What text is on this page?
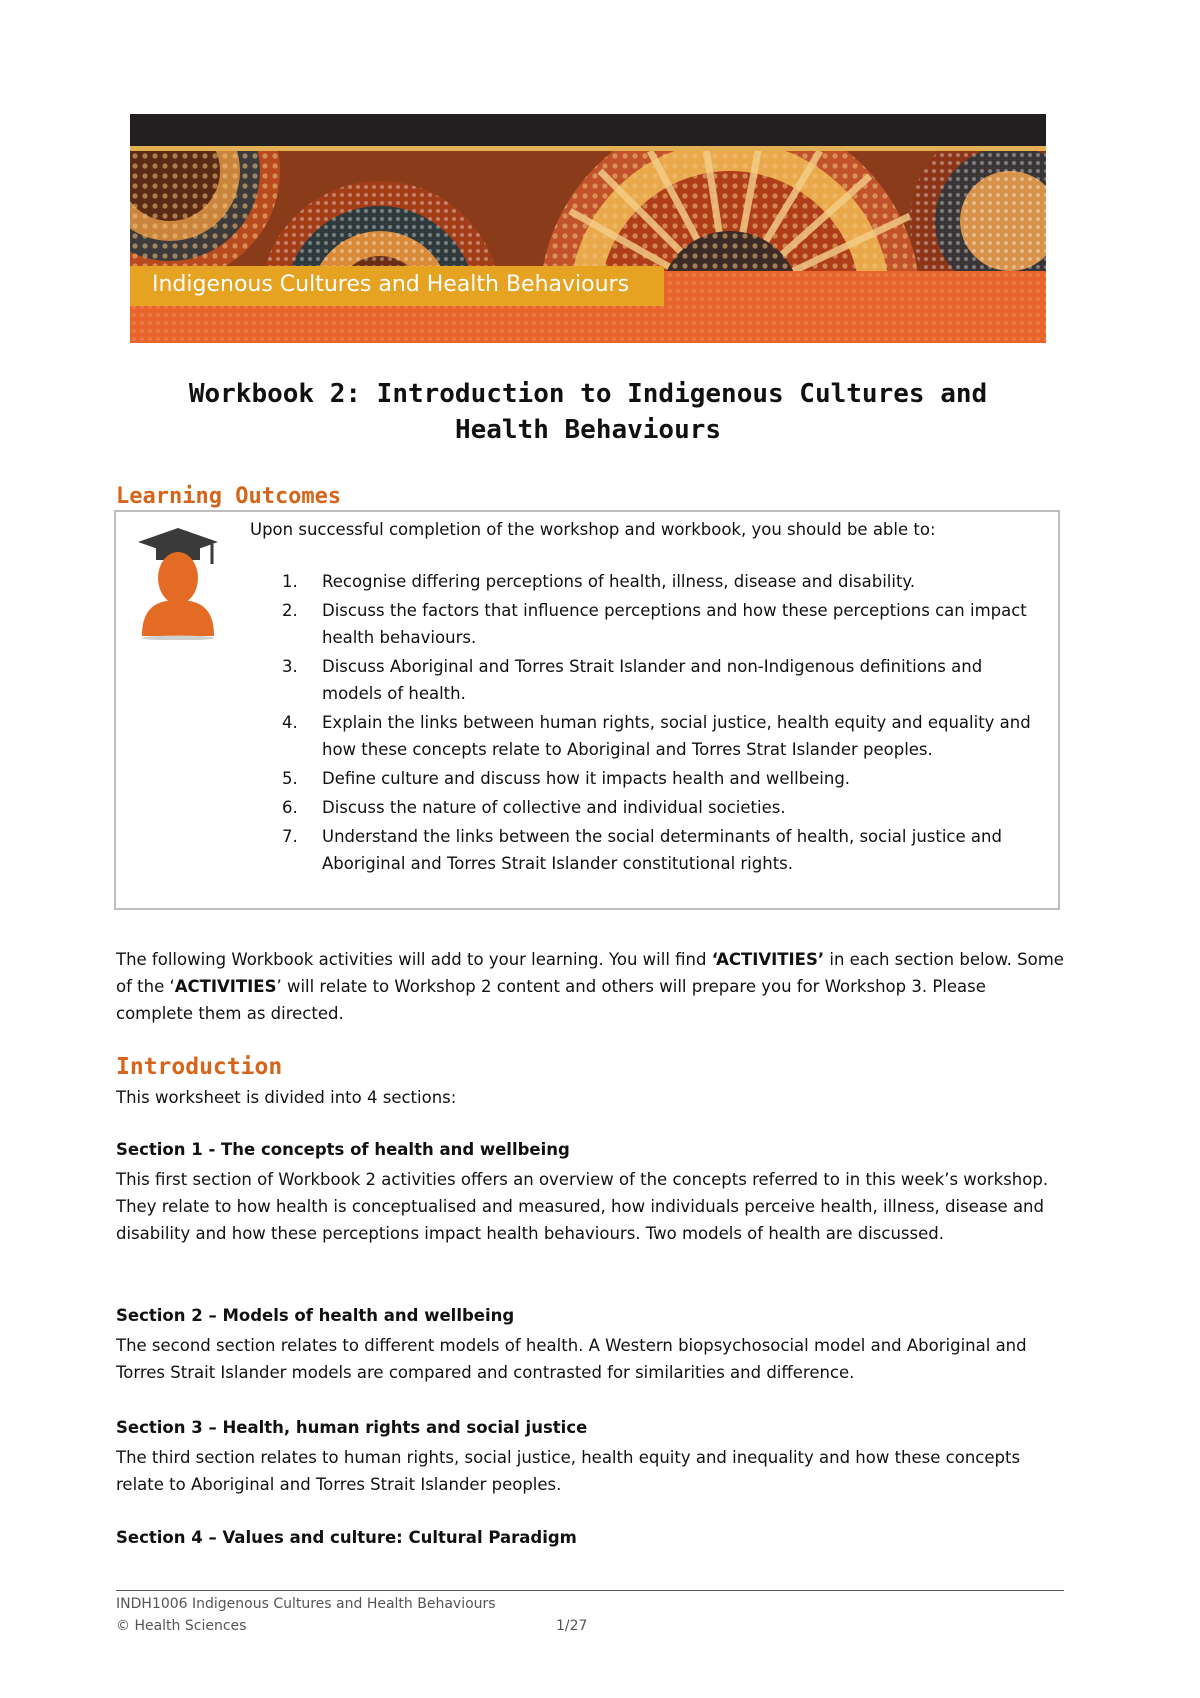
Indigenous Cultures and Health Behaviours
Workbook 2: Introduction to Indigenous Cultures and
Health Behaviours
Learning Outcomes
Upon successful completion of the workshop and workbook, you should be able to:
1. Recognise differing perceptions of health, illness, disease and disability.
2. Discuss the factors that influence perceptions and how these perceptions can impact health behaviours.
3. Discuss Aboriginal and Torres Strait Islander and non-Indigenous definitions and models of health.
4. Explain the links between human rights, social justice, health equity and equality and how these concepts relate to Aboriginal and Torres Strat Islander peoples.
5. Define culture and discuss how it impacts health and wellbeing.
6. Discuss the nature of collective and individual societies.
7. Understand the links between the social determinants of health, social justice and Aboriginal and Torres Strait Islander constitutional rights.
The following Workbook activities will add to your learning. You will find ‘ACTIVITIES’ in each section below. Some of the ‘ACTIVITIES’ will relate to Workshop 2 content and others will prepare you for Workshop 3. Please complete them as directed.
Introduction
This worksheet is divided into 4 sections:
Section 1 - The concepts of health and wellbeing
This first section of Workbook 2 activities offers an overview of the concepts referred to in this week’s workshop. They relate to how health is conceptualised and measured, how individuals perceive health, illness, disease and disability and how these perceptions impact health behaviours. Two models of health are discussed.
Section 2 – Models of health and wellbeing
The second section relates to different models of health. A Western biopsychosocial model and Aboriginal and Torres Strait Islander models are compared and contrasted for similarities and difference.
Section 3 – Health, human rights and social justice
The third section relates to human rights, social justice, health equity and inequality and how these concepts relate to Aboriginal and Torres Strait Islander peoples.
Section 4 – Values and culture: Cultural Paradigm
INDH1006 Indigenous Cultures and Health Behaviours
© Health Sciences	1/27
